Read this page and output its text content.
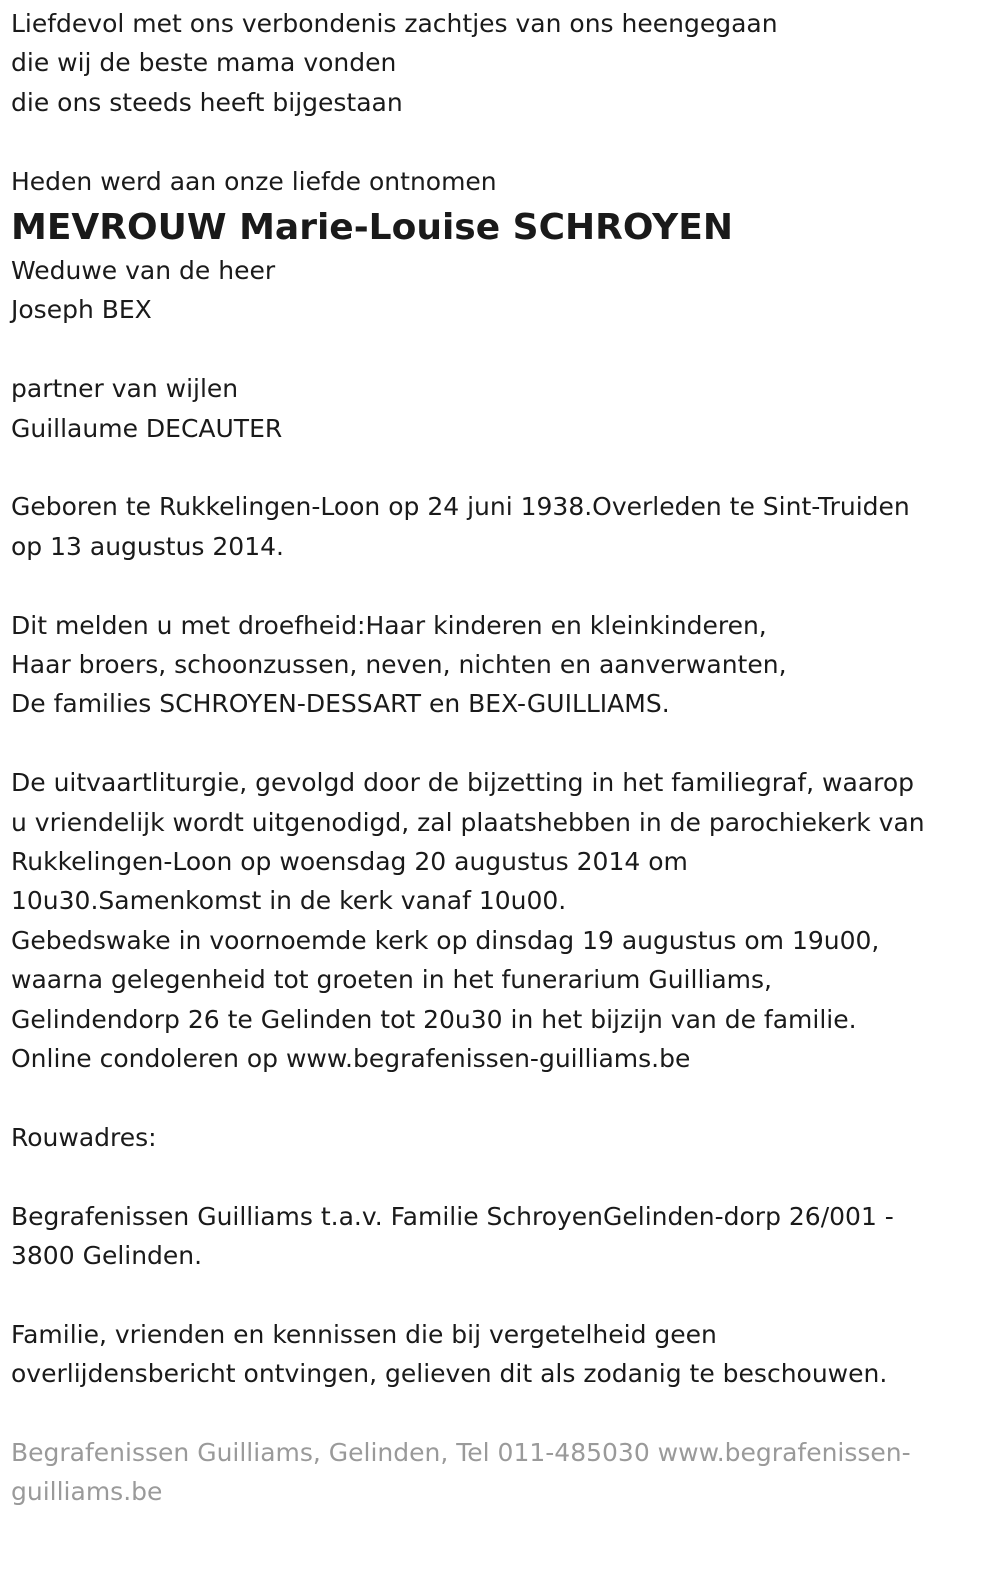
Liefdevol met ons verbondenis zachtjes van ons heengegaan

die wij de beste mama vonden

die ons steeds heeft bijgestaan

Heden werd aan onze liefde ontnomen

MEVROUW Marie-Louise SCHROYEN

Weduwe van de heer

Joseph BEX

partner van wijlen

Guillaume DECAUTER

Geboren te Rukkelingen-Loon op 24 juni 1938.Overleden te Sint-Truiden

op 13 augustus 2014.

Dit melden u met droefheid:Haar kinderen en kleinkinderen,

Haar broers, schoonzussen, neven, nichten en aanverwanten,

De families SCHROYEN-DESSART en BEX-GUILLIAMS.

De uitvaartliturgie, gevolgd door de bijzetting in het familiegraf, waarop

u vriendelijk wordt uitgenodigd, zal plaatshebben in de parochiekerk van

Rukkelingen-Loon op woensdag 20 augustus 2014 om

10u30.Samenkomst in de kerk vanaf 10u00.

Gebedswake in voornoemde kerk op dinsdag 19 augustus om 19u00,

waarna gelegenheid tot groeten in het funerarium Guilliams,

Gelindendorp 26 te Gelinden tot 20u30 in het bijzijn van de familie.

Online condoleren op www.begrafenissen-guilliams.be

Rouwadres:

Begrafenissen Guilliams t.a.v. Familie SchroyenGelinden-dorp 26/001 -

3800 Gelinden.

Familie, vrienden en kennissen die bij vergetelheid geen

overlijdensbericht ontvingen, gelieven dit als zodanig te beschouwen.

Begrafenissen Guilliams, Gelinden, Tel 011-485030 www.begrafenissen-

guilliams.be
